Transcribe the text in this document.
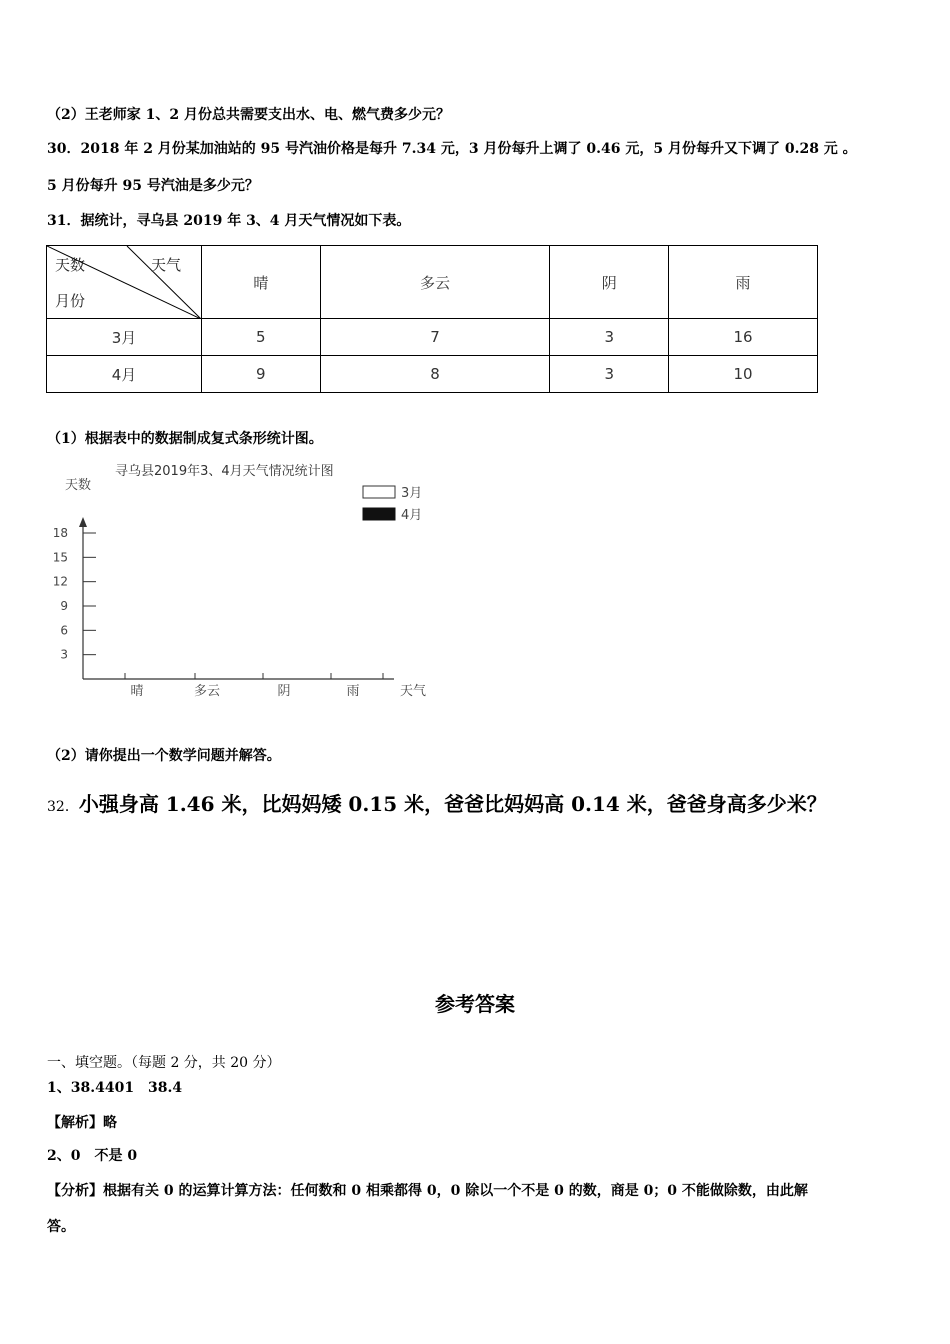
（2）王老师家 1、2 月份总共需要支出水、电、燃气费多少元？
30．2018 年 2 月份某加油站的 95 号汽油价格是每升 7.34 元，3 月份每升上调了 0.46 元，5 月份每升又下调了 0.28 元 。
5 月份每升 95 号汽油是多少元？
31．据统计，寻乌县 2019 年 3、4 月天气情况如下表。
天数 天气
月份	晴	多云	阴	雨
3月	5	7	3	16
4月	9	8	3	10
（1）根据表中的数据制成复式条形统计图。
寻乌县2019年3、4月天气情况统计图
天数
天气
3月
4月
3
6
9
12
15
18
晴	多云	阴	雨
（2）请你提出一个数学问题并解答。
32．小强身高 1.46 米，比妈妈矮 0.15 米，爸爸比妈妈高 0.14 米，爸爸身高多少米？
参考答案
一、填空题。（每题 2 分，共 20 分）
1、38.4401　38.4
【解析】略
2、0　不是 0
【分析】根据有关 0 的运算计算方法：任何数和 0 相乘都得 0，0 除以一个不是 0 的数，商是 0；0 不能做除数，由此解
答。
